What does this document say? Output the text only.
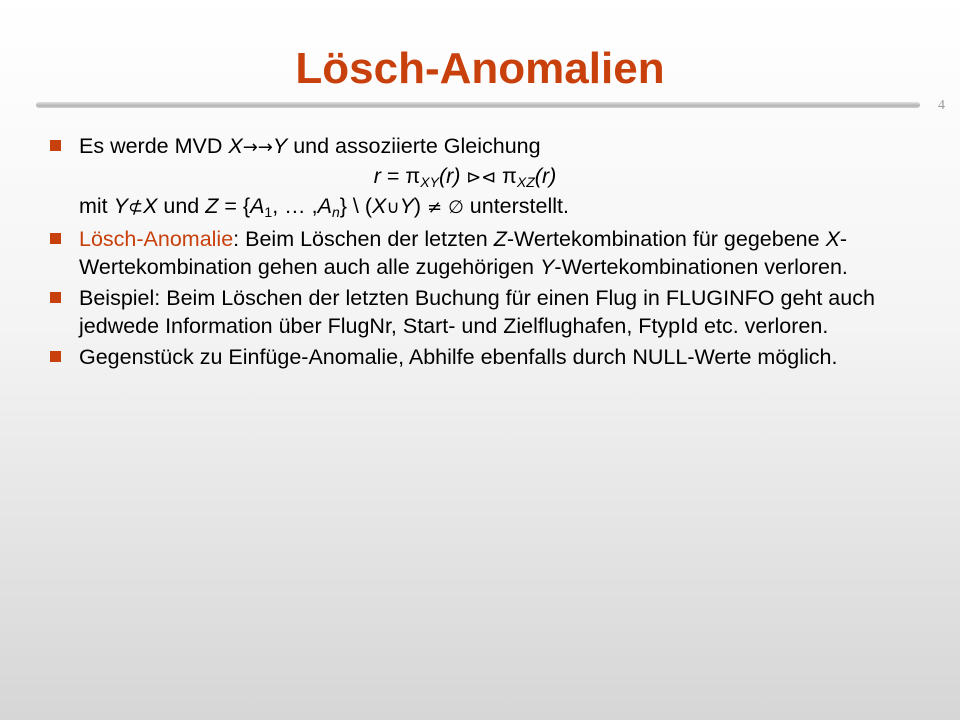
Lösch-Anomalien
4
Es werde MVD X→→Y und assoziierte Gleichung
$r = \pi_{XY}(r)$ ⊳⊲ $\pi_{XZ}(r)$
mit Y⊄X und $Z = \{A_1$, … $,A_n$} \ (X∪Y) ≠ ∅ unterstellt.
Lösch-Anomalie: Beim Löschen der letzten Z-Wertekombination für gegebene X-Wertekombination gehen auch alle zugehörigen Y-Wertekombinationen verloren.
Beispiel: Beim Löschen der letzten Buchung für einen Flug in FLUGINFO geht auch jedwede Information über FlugNr, Start- und Zielflughafen, FtypId etc. verloren.
Gegenstück zu Einfüge-Anomalie, Abhilfe ebenfalls durch NULL-Werte möglich.
